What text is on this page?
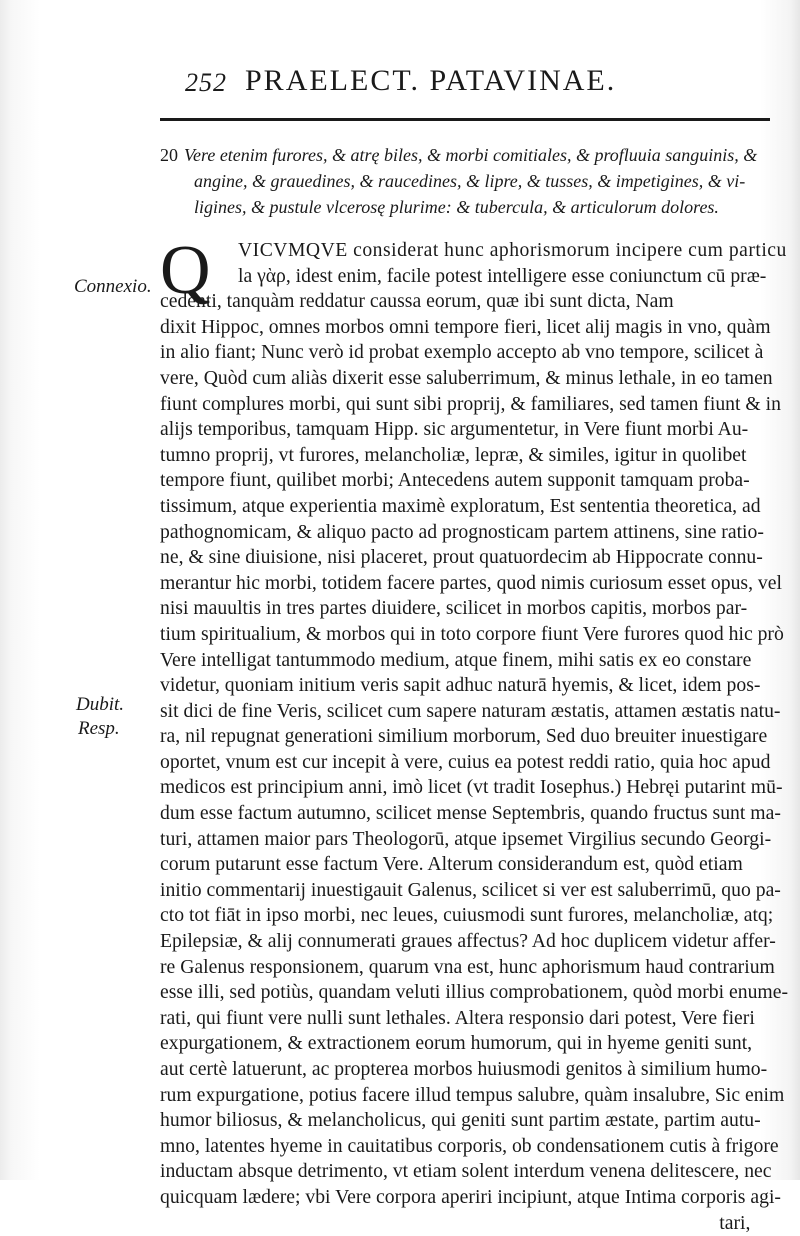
252 PRAELECT. PATAVINAE.
20 Vere etenim furores, & atrę biles, & morbi comitiales, & profluuia sanguinis, &
angine, & grauedines, & raucedines, & lipre, & tusses, & impetigines, & vi-
ligines, & pustule vlcerosę plurime: & tubercula, & articulorum dolores.
Connexio.
Dubit.
Resp.
Q	VICVMQVE considerat hunc aphorismorum incipere cum particu
la γὰρ, idest enim, facile potest intelligere esse coniunctum cū præ-
cedenti, tanquàm reddatur caussa eorum, quæ ibi sunt dicta, Nam
dixit Hippoc, omnes morbos omni tempore fieri, licet alij magis in vno, quàm
in alio fiant; Nunc verò id probat exemplo accepto ab vno tempore, scilicet à
vere, Quòd cum aliàs dixerit esse saluberrimum, & minus lethale, in eo tamen
fiunt complures morbi, qui sunt sibi proprij, & familiares, sed tamen fiunt & in
alijs temporibus, tamquam Hipp. sic argumentetur, in Vere fiunt morbi Au-
tumno proprij, vt furores, melancholiæ, lepræ, & similes, igitur in quolibet
tempore fiunt, quilibet morbi; Antecedens autem supponit tamquam proba-
tissimum, atque experientia maximè exploratum, Est sententia theoretica, ad
pathognomicam, & aliquo pacto ad prognosticam partem attinens, sine ratio-
ne, & sine diuisione, nisi placeret, prout quatuordecim ab Hippocrate connu-
merantur hic morbi, totidem facere partes, quod nimis curiosum esset opus, vel
nisi mauultis in tres partes diuidere, scilicet in morbos capitis, morbos par-
tium spiritualium, & morbos qui in toto corpore fiunt Vere furores quod hic prò
Vere intelligat tantummodo medium, atque finem, mihi satis ex eo constare
videtur, quoniam initium veris sapit adhuc naturā hyemis, & licet, idem pos-
sit dici de fine Veris, scilicet cum sapere naturam æstatis, attamen æstatis natu-
ra, nil repugnat generationi similium morborum, Sed duo breuiter inuestigare
oportet, vnum est cur incepit à vere, cuius ea potest reddi ratio, quia hoc apud
medicos est principium anni, imò licet (vt tradit Iosephus.) Hebręi putarint mū-
dum esse factum autumno, scilicet mense Septembris, quando fructus sunt ma-
turi, attamen maior pars Theologorū, atque ipsemet Virgilius secundo Georgi-
corum putarunt esse factum Vere. Alterum considerandum est, quòd etiam
initio commentarij inuestigauit Galenus, scilicet si ver est saluberrimū, quo pa-
cto tot fiāt in ipso morbi, nec leues, cuiusmodi sunt furores, melancholiæ, atq;
Epilepsiæ, & alij connumerati graues affectus? Ad hoc duplicem videtur affer-
re Galenus responsionem, quarum vna est, hunc aphorismum haud contrarium
esse illi, sed potiùs, quandam veluti illius comprobationem, quòd morbi enume-
rati, qui fiunt vere nulli sunt lethales. Altera responsio dari potest, Vere fieri
expurgationem, & extractionem eorum humorum, qui in hyeme geniti sunt,
aut certè latuerunt, ac propterea morbos huiusmodi genitos à similium humo-
rum expurgatione, potius facere illud tempus salubre, quàm insalubre, Sic enim
humor biliosus, & melancholicus, qui geniti sunt partim æstate, partim autu-
mno, latentes hyeme in cauitatibus corporis, ob condensationem cutis à frigore
inductam absque detrimento, vt etiam solent interdum venena delitescere, nec
quicquam lædere; vbi Vere corpora aperiri incipiunt, atque Intima corporis agi-
tari,
